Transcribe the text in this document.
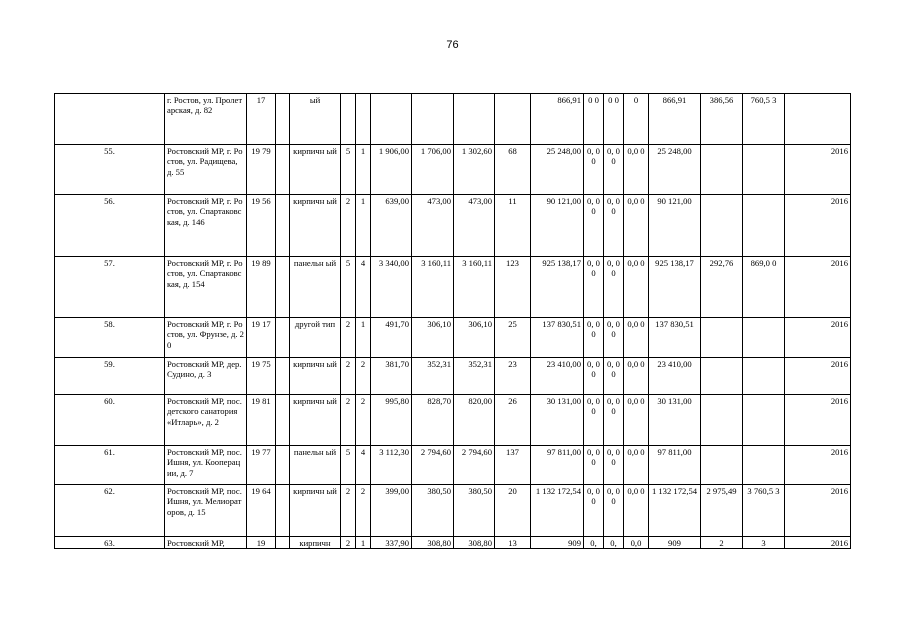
76
	г. Ростов, ул. Пролетарская, д. 82	17		ый							866,91	0 0	0 0	0	866,91	386,56	760,5 3	
55.	Ростовский МР, г. Ростов, ул. Радищева, д. 55	19 79		кирпичн ый	5	1	1 906,00	1 706,00	1 302,60	68	25 248,00	0, 0 0	0, 0 0	0,0 0	25 248,00			2016
56.	Ростовский МР, г. Ростов, ул. Спартаковская, д. 146	19 56		кирпичн ый	2	1	639,00	473,00	473,00	11	90 121,00	0, 0 0	0, 0 0	0,0 0	90 121,00			2016
57.	Ростовский МР, г. Ростов, ул. Спартаковская, д. 154	19 89		панельн ый	5	4	3 340,00	3 160,11	3 160,11	123	925 138,17	0, 0 0	0, 0 0	0,0 0	925 138,17	292,76	869,0 0	2016
58.	Ростовский МР, г. Ростов, ул. Фрунзе, д. 20	19 17		другой тип	2	1	491,70	306,10	306,10	25	137 830,51	0, 0 0	0, 0 0	0,0 0	137 830,51			2016
59.	Ростовский МР, дер. Судино, д. 3	19 75		кирпичн ый	2	2	381,70	352,31	352,31	23	23 410,00	0, 0 0	0, 0 0	0,0 0	23 410,00			2016
60.	Ростовский МР, пос. детского санатория «Итларь», д. 2	19 81		кирпичн ый	2	2	995,80	828,70	820,00	26	30 131,00	0, 0 0	0, 0 0	0,0 0	30 131,00			2016
61.	Ростовский МР, пос. Ишня, ул. Кооперации, д. 7	19 77		панельн ый	5	4	3 112,30	2 794,60	2 794,60	137	97 811,00	0, 0 0	0, 0 0	0,0 0	97 811,00			2016
62.	Ростовский МР, пос. Ишня, ул. Мелиораторов, д. 15	19 64		кирпичн ый	2	2	399,00	380,50	380,50	20	1 132 172,54	0, 0 0	0, 0 0	0,0 0	1 132 172,54	2 975,49	3 760,5 3	2016
63.	Ростовский МР,	19		кирпичн	2	1	337,90	308,80	308,80	13	909	0,	0,	0,0	909	2	3	2016
